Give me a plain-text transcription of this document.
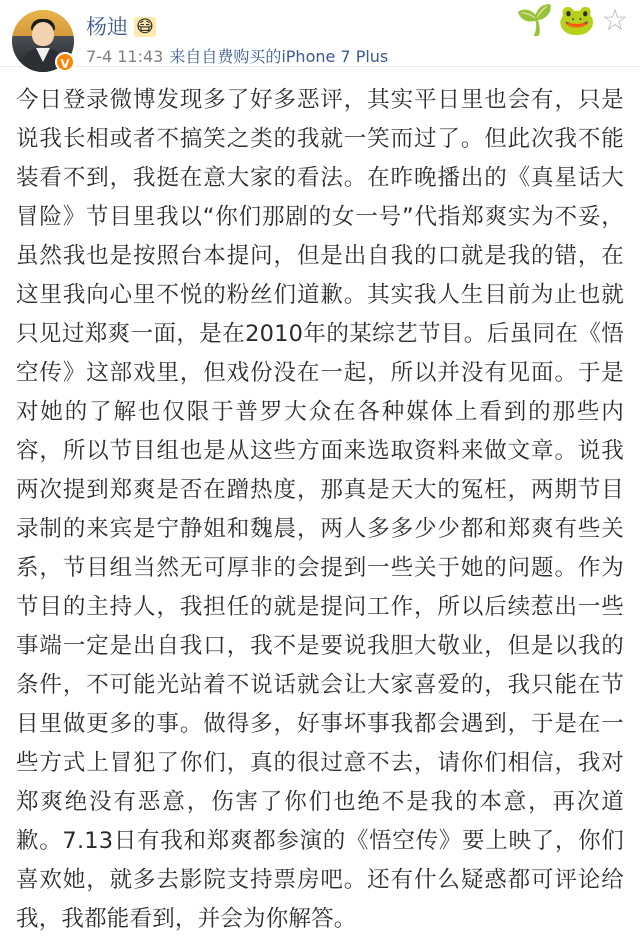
V
杨迪 😷
7-4 11:43 来自自费购买的iPhone 7 Plus
🌱 🐸 ☆
今日登录微博发现多了好多恶评，其实平日里也会有，只是说我长相或者不搞笑之类的我就一笑而过了。但此次我不能装看不到，我挺在意大家的看法。在昨晚播出的《真星话大冒险》节目里我以“你们那剧的女一号”代指郑爽实为不妥，虽然我也是按照台本提问，但是出自我的口就是我的错，在这里我向心里不悦的粉丝们道歉。其实我人生目前为止也就只见过郑爽一面，是在2010年的某综艺节目。后虽同在《悟空传》这部戏里，但戏份没在一起，所以并没有见面。于是对她的了解也仅限于普罗大众在各种媒体上看到的那些内容，所以节目组也是从这些方面来选取资料来做文章。说我两次提到郑爽是否在蹭热度，那真是天大的冤枉，两期节目录制的来宾是宁静姐和魏晨，两人多多少少都和郑爽有些关系，节目组当然无可厚非的会提到一些关于她的问题。作为节目的主持人，我担任的就是提问工作，所以后续惹出一些事端一定是出自我口，我不是要说我胆大敬业，但是以我的条件，不可能光站着不说话就会让大家喜爱的，我只能在节目里做更多的事。做得多，好事坏事我都会遇到，于是在一些方式上冒犯了你们，真的很过意不去，请你们相信，我对郑爽绝没有恶意，伤害了你们也绝不是我的本意，再次道歉。7.13日有我和郑爽都参演的《悟空传》要上映了，你们喜欢她，就多去影院支持票房吧。还有什么疑惑都可评论给我，我都能看到，并会为你解答。
